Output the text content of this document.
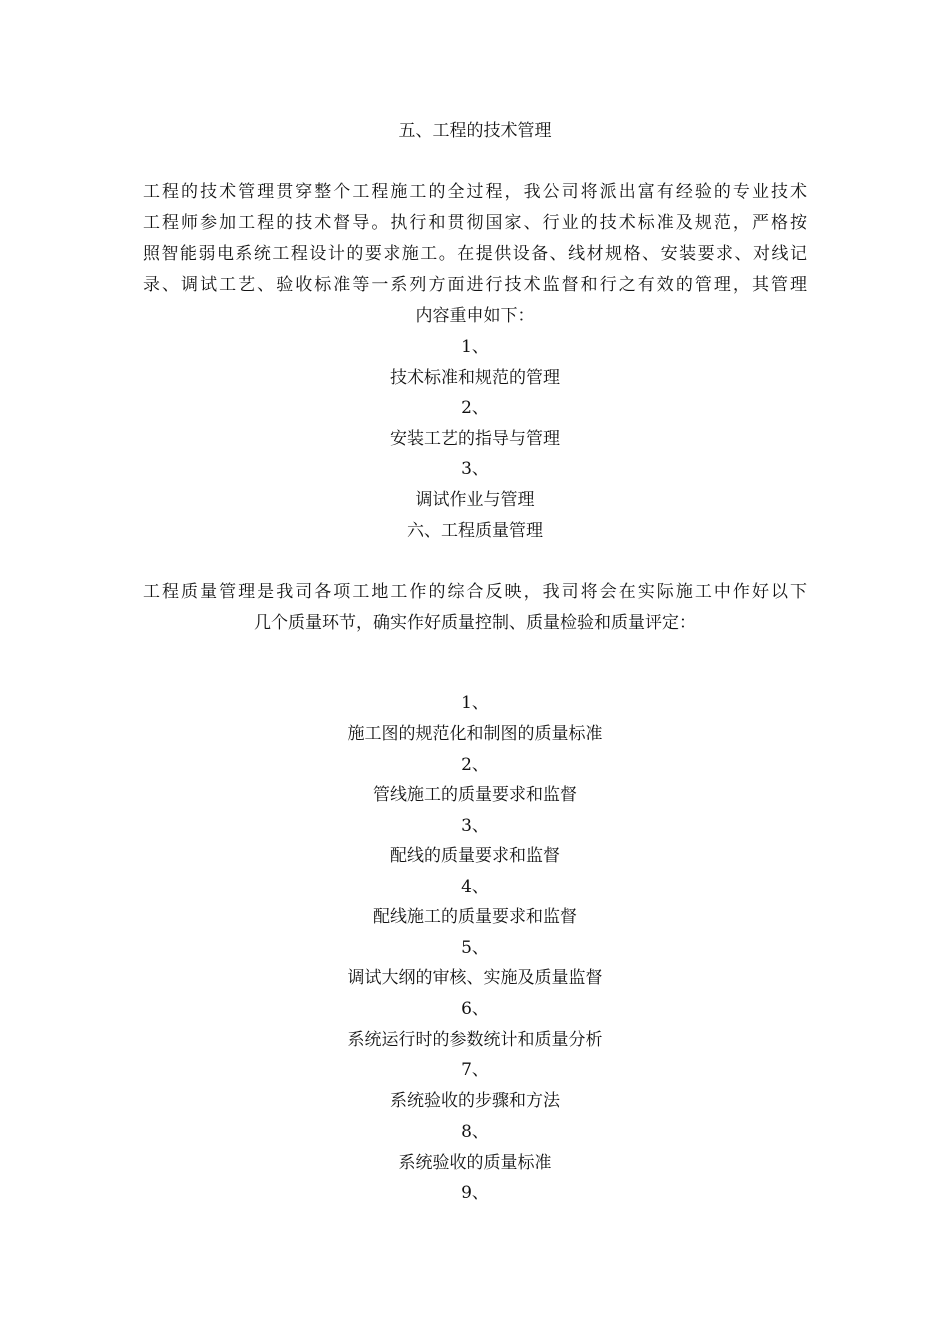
五、工程的技术管理
工程的技术管理贯穿整个工程施工的全过程，我公司将派出富有经验的专业技术
工程师参加工程的技术督导。执行和贯彻国家、行业的技术标准及规范，严格按
照智能弱电系统工程设计的要求施工。在提供设备、线材规格、安装要求、对线记
录、调试工艺、验收标准等一系列方面进行技术监督和行之有效的管理，其管理
内容重申如下：
1、
技术标准和规范的管理
2、
安装工艺的指导与管理
3、
调试作业与管理
六、工程质量管理
工程质量管理是我司各项工地工作的综合反映，我司将会在实际施工中作好以下
几个质量环节，确实作好质量控制、质量检验和质量评定：
1、
施工图的规范化和制图的质量标准
2、
管线施工的质量要求和监督
3、
配线的质量要求和监督
4、
配线施工的质量要求和监督
5、
调试大纲的审核、实施及质量监督
6、
系统运行时的参数统计和质量分析
7、
系统验收的步骤和方法
8、
系统验收的质量标准
9、
